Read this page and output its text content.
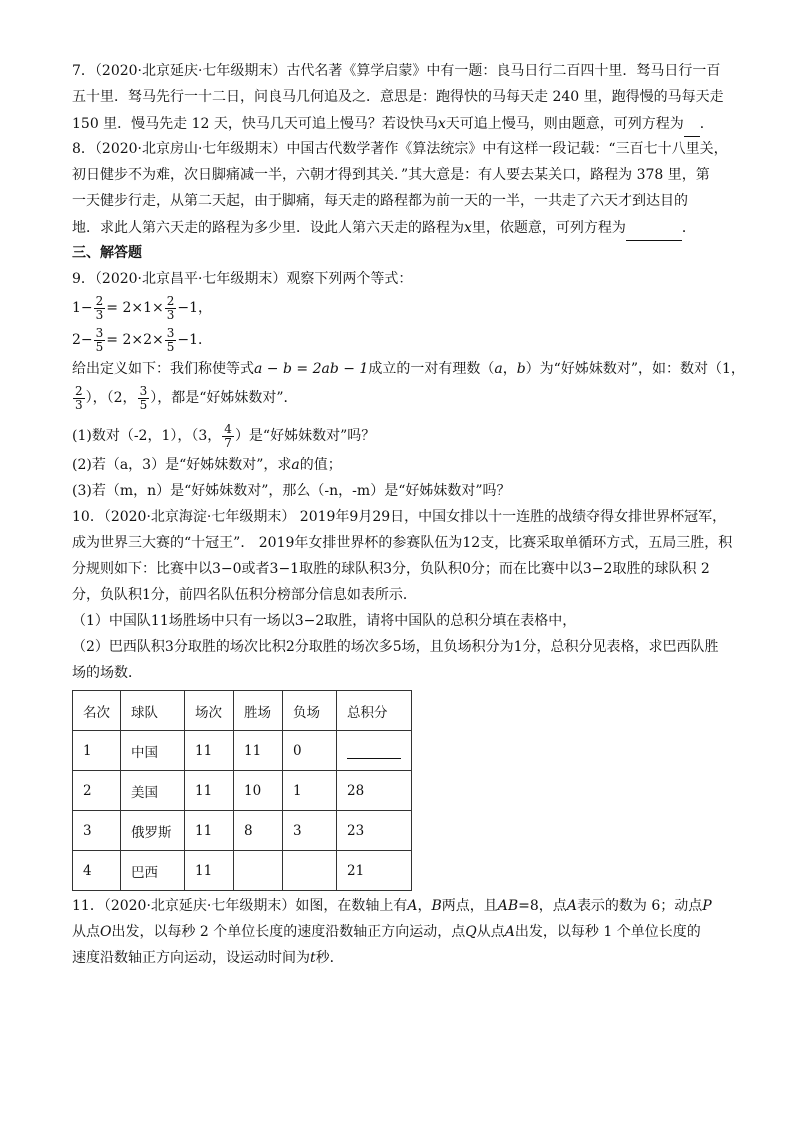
7．（2020·北京延庆·七年级期末）古代名著《算学启蒙》中有一题：良马日行二百四十里．驽马日行一百
五十里．驽马先行一十二日，问良马几何追及之．意思是：跑得快的马每天走 240 里，跑得慢的马每天走
150 里．慢马先走 12 天，快马几天可追上慢马？若设快马x天可追上慢马，则由题意，可列方程为 ．
8．（2020·北京房山·七年级期末）中国古代数学著作《算法统宗》中有这样一段记载：“三百七十八里关，
初日健步不为难，次日脚痛减一半，六朝才得到其关．”其大意是：有人要去某关口，路程为 378 里，第
一天健步行走，从第二天起，由于脚痛，每天走的路程都为前一天的一半，一共走了六天才到达目的
地．求此人第六天走的路程为多少里．设此人第六天走的路程为x里，依题意，可列方程为	．
三、解答题
9．（2020·北京昌平·七年级期末）观察下列两个等式：
$1- \frac{2}{3} = 2\times 1\times \frac{2}{3} -1$，
$2- \frac{3}{5} = 2\times 2\times \frac{3}{5} -1$．
给出定义如下：我们称使等式a − b = 2ab − 1成立的一对有理数（a，b）为“好姊妹数对”，如：数对（1，
$\frac{2}{3}$ ），（2， $\frac{3}{5}$ ），都是“好姊妹数对”．
(1)数对（-2，1），（3， $\frac{4}{7}$ ）是“好姊妹数对”吗？
(2)若（a，3）是“好姊妹数对”，求a的值；
(3)若（m，n）是“好姊妹数对”，那么（-n，-m）是“好姊妹数对”吗？
10．（2020·北京海淀·七年级期末） 2019年9月29日，中国女排以十一连胜的战绩夺得女排世界杯冠军，
成为世界三大赛的“十冠王”． 2019年女排世界杯的参赛队伍为12支，比赛采取单循环方式，五局三胜，积
分规则如下：比赛中以3−0或者3−1取胜的球队积3分，负队积0分；而在比赛中以3−2取胜的球队积 2
分，负队积1分，前四名队伍积分榜部分信息如表所示．
（1）中国队11场胜场中只有一场以3−2取胜，请将中国队的总积分填在表格中，
（2）巴西队积3分取胜的场次比积2分取胜的场次多5场，且负场积分为1分，总积分见表格，求巴西队胜
场的场数．
名次	球队	场次	胜场	负场	总积分
1	中国	11	11	0	
2	美国	11	10	1	28
3	俄罗斯	11	8	3	23
4	巴西	11			21
11．（2020·北京延庆·七年级期末）如图，在数轴上有A，B两点，且AB=8，点A表示的数为 6；动点P
从点O出发，以每秒 2 个单位长度的速度沿数轴正方向运动，点Q从点A出发，以每秒 1 个单位长度的
速度沿数轴正方向运动，设运动时间为t秒．
